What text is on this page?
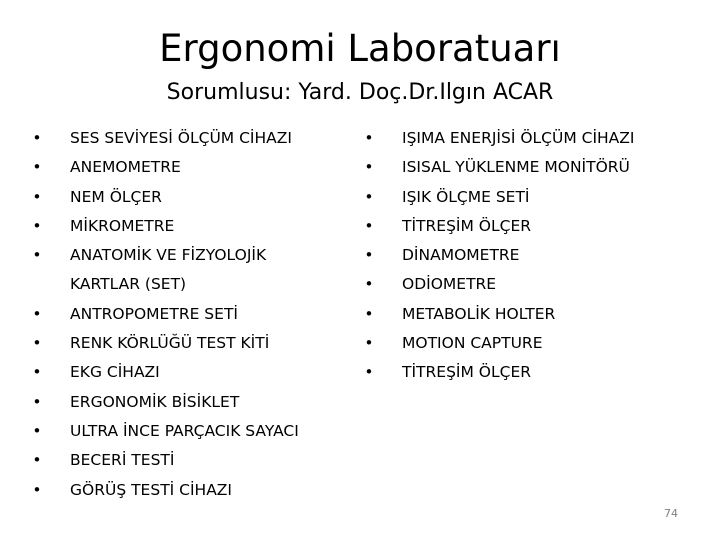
Ergonomi Laboratuarı
Sorumlusu: Yard. Doç.Dr.Ilgın ACAR
• SES SEVİYESİ ÖLÇÜM CİHAZI
• ANEMOMETRE
• NEM ÖLÇER
• MİKROMETRE
• ANATOMİK VE FİZYOLOJİK KARTLAR (SET)
• ANTROPOMETRE SETİ
• RENK KÖRLÜĞÜ TEST KİTİ
• EKG CİHAZI
• ERGONOMİK BİSİKLET
• ULTRA İNCE PARÇACIK SAYACI
• BECERİ TESTİ
• GÖRÜŞ TESTİ CİHAZI
• IŞIMA ENERJİSİ ÖLÇÜM CİHAZI
• ISISAL YÜKLENME MONİTÖRÜ
• IŞIK ÖLÇME SETİ
• TİTREŞİM ÖLÇER
• DİNAMOMETRE
• ODİOMETRE
• METABOLİK HOLTER
• MOTION CAPTURE
• TİTREŞİM ÖLÇER
74
